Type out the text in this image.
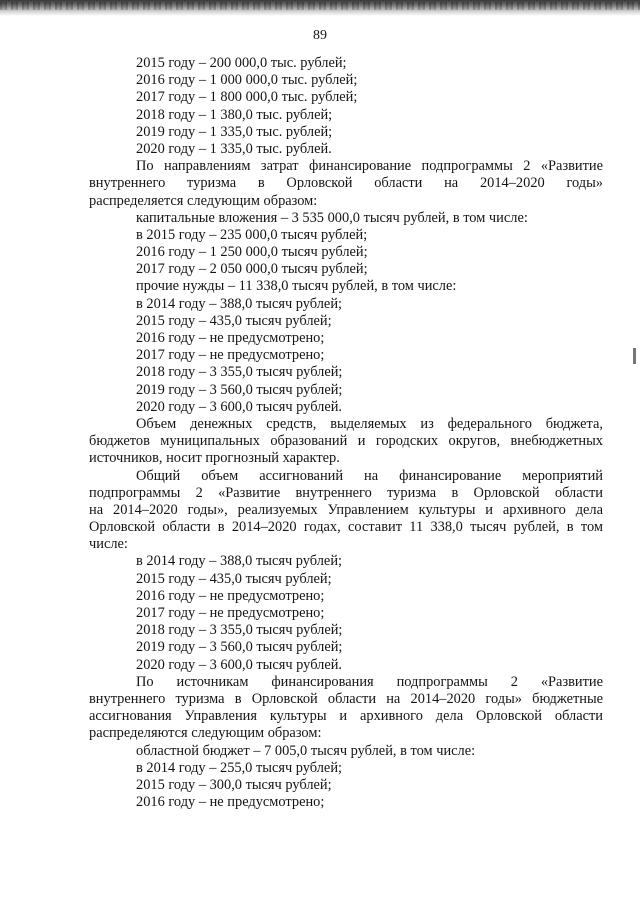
89
2015 году – 200 000,0 тыс. рублей;
2016 году – 1 000 000,0 тыс. рублей;
2017 году – 1 800 000,0 тыс. рублей;
2018 году – 1 380,0 тыс. рублей;
2019 году – 1 335,0 тыс. рублей;
2020 году – 1 335,0 тыс. рублей.
По направлениям затрат финансирование подпрограммы 2 «Развитие
внутреннего туризма в Орловской области на 2014–2020 годы»
распределяется следующим образом:
капитальные вложения – 3 535 000,0 тысяч рублей, в том числе:
в 2015 году – 235 000,0 тысяч рублей;
2016 году – 1 250 000,0 тысяч рублей;
2017 году – 2 050 000,0 тысяч рублей;
прочие нужды – 11 338,0 тысяч рублей, в том числе:
в 2014 году – 388,0 тысяч рублей;
2015 году – 435,0 тысяч рублей;
2016 году – не предусмотрено;
2017 году – не предусмотрено;
2018 году – 3 355,0 тысяч рублей;
2019 году – 3 560,0 тысяч рублей;
2020 году – 3 600,0 тысяч рублей.
Объем денежных средств, выделяемых из федерального бюджета,
бюджетов муниципальных образований и городских округов, внебюджетных
источников, носит прогнозный характер.
Общий объем ассигнований на финансирование мероприятий
подпрограммы 2 «Развитие внутреннего туризма в Орловской области
на 2014–2020 годы», реализуемых Управлением культуры и архивного дела
Орловской области в 2014–2020 годах, составит 11 338,0 тысяч рублей, в том
числе:
в 2014 году – 388,0 тысяч рублей;
2015 году – 435,0 тысяч рублей;
2016 году – не предусмотрено;
2017 году – не предусмотрено;
2018 году – 3 355,0 тысяч рублей;
2019 году – 3 560,0 тысяч рублей;
2020 году – 3 600,0 тысяч рублей.
По источникам финансирования подпрограммы 2 «Развитие
внутреннего туризма в Орловской области на 2014–2020 годы» бюджетные
ассигнования Управления культуры и архивного дела Орловской области
распределяются следующим образом:
областной бюджет – 7 005,0 тысяч рублей, в том числе:
в 2014 году – 255,0 тысяч рублей;
2015 году – 300,0 тысяч рублей;
2016 году – не предусмотрено;
